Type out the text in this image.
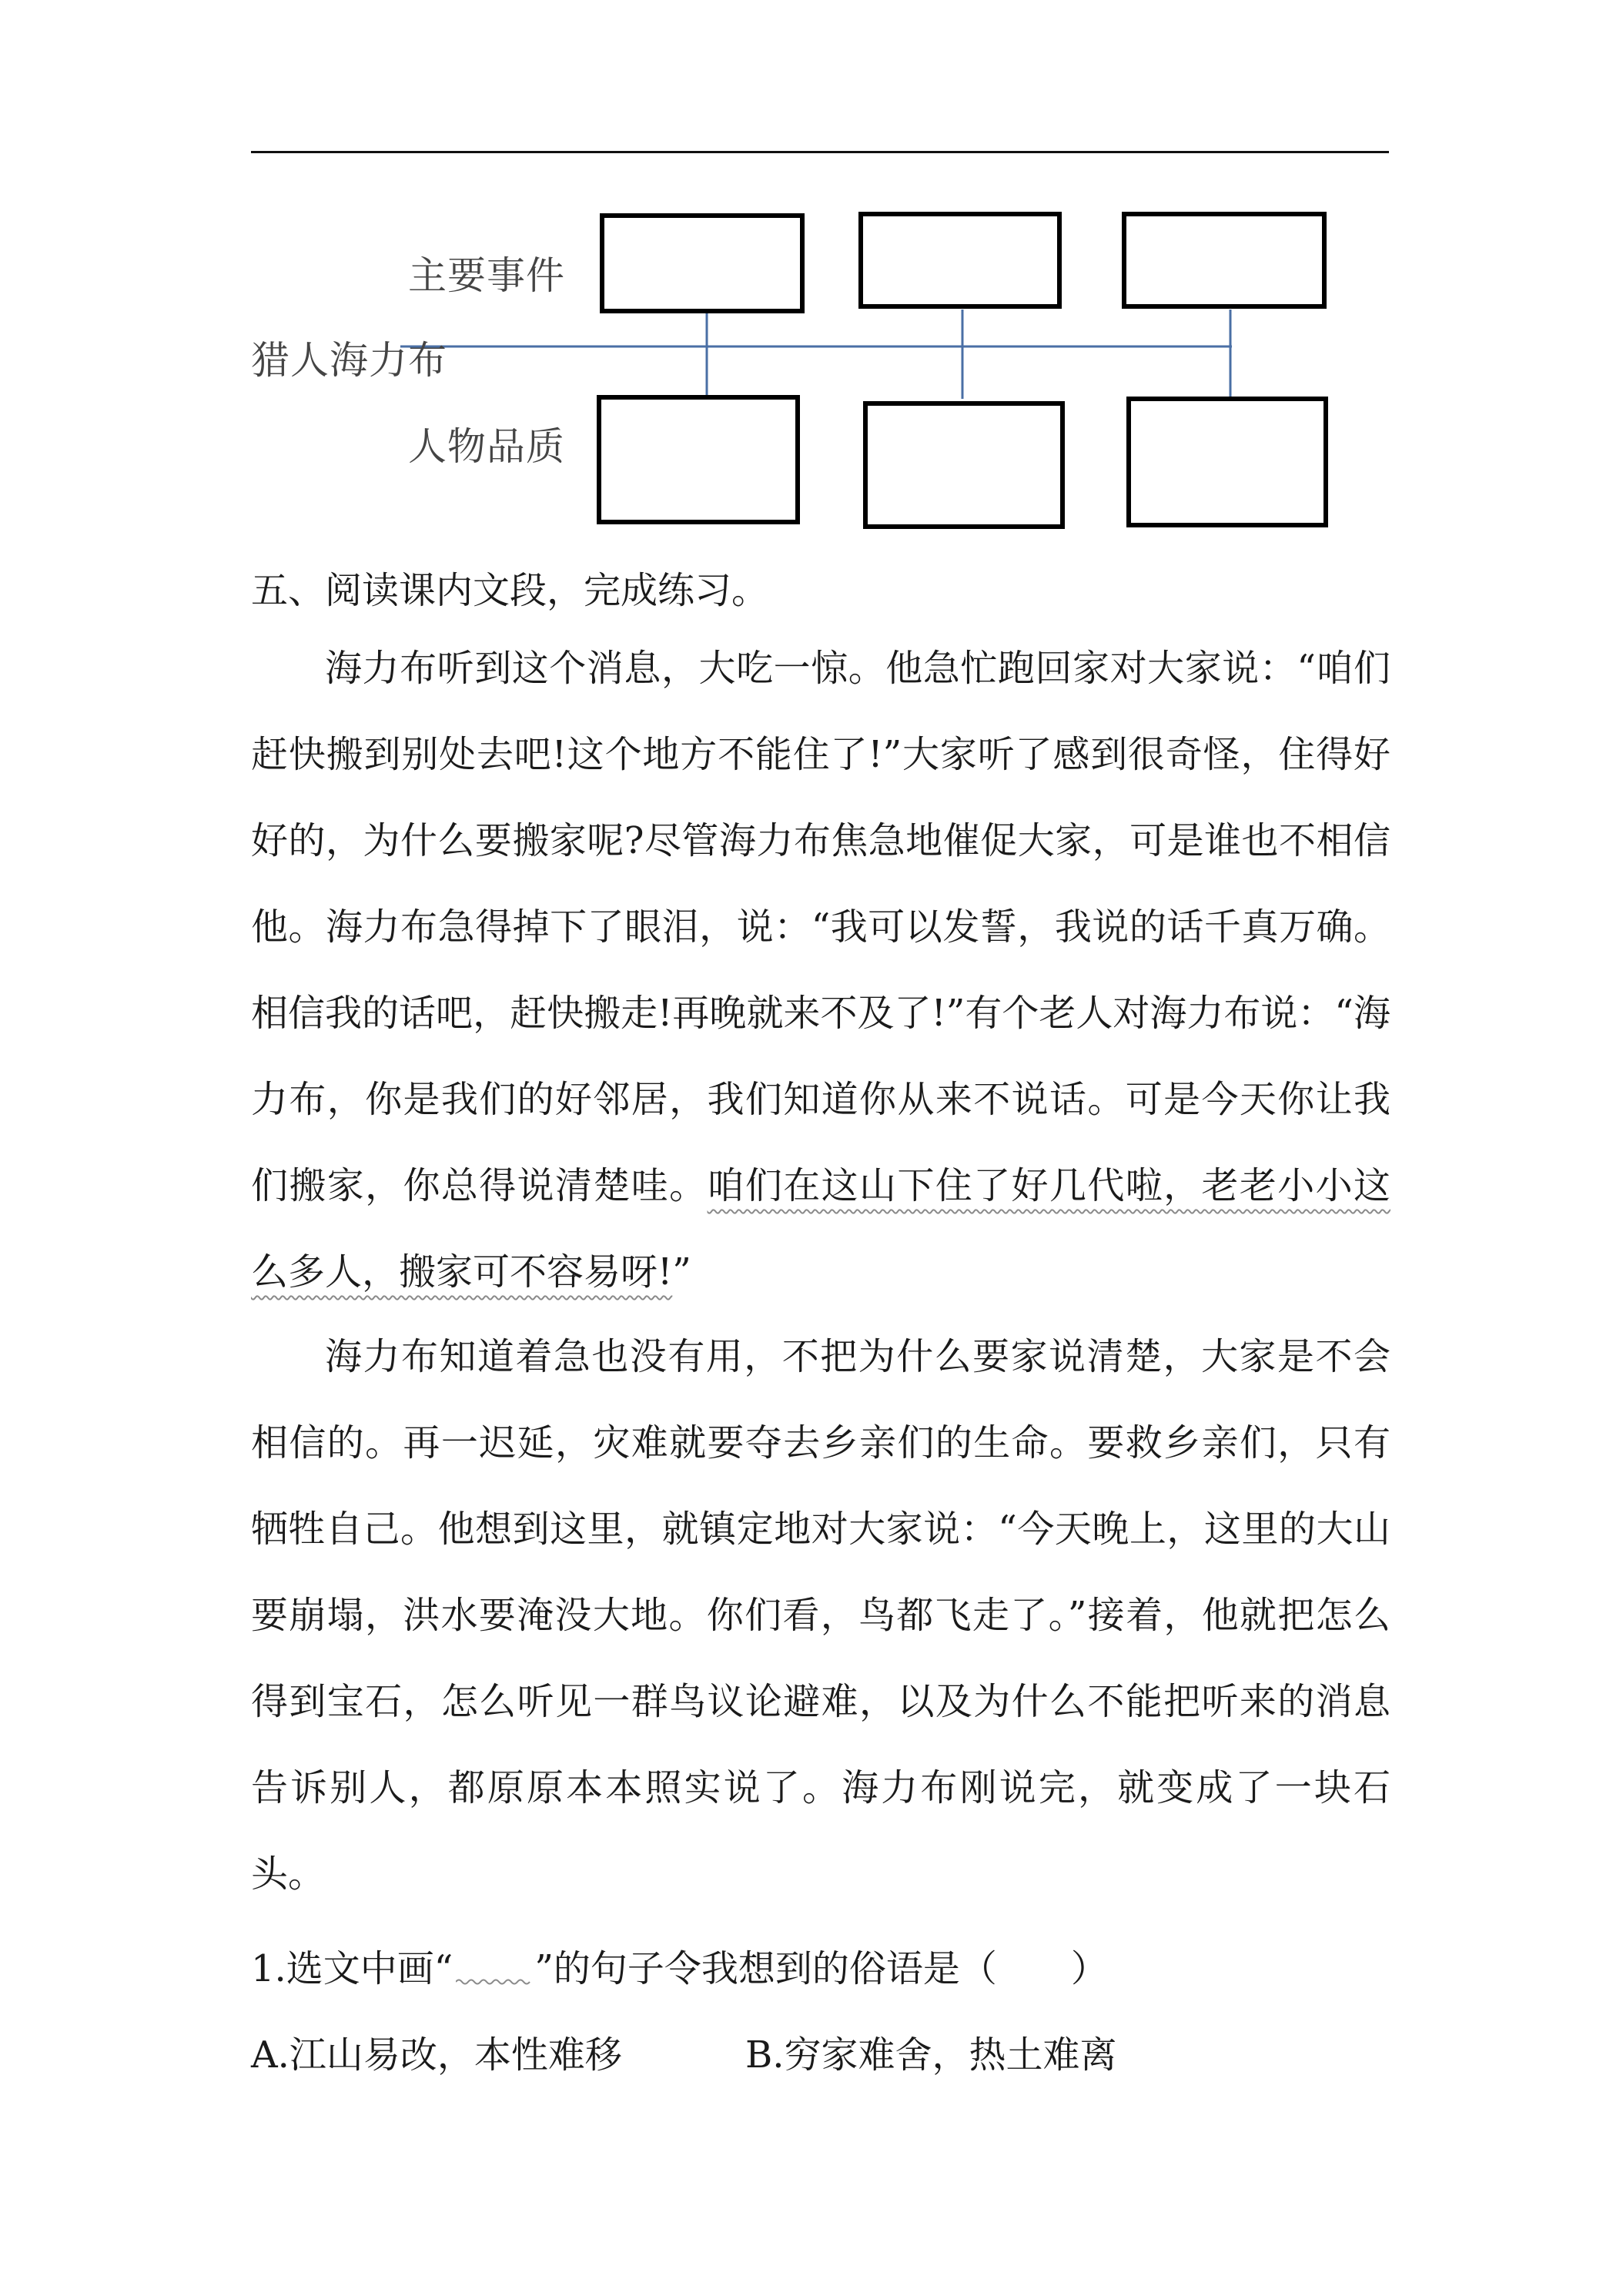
主要事件
猎人海力布
人物品质
五、阅读课内文段，完成练习。

海力布听到这个消息，大吃一惊。他急忙跑回家对大家说：“咱们赶快搬到别处去吧!这个地方不能住了!”大家听了感到很奇怪，住得好好的，为什么要搬家呢?尽管海力布焦急地催促大家，可是谁也不相信他。海力布急得掉下了眼泪，说：“我可以发誓，我说的话千真万确。相信我的话吧，赶快搬走!再晚就来不及了!”有个老人对海力布说：“海力布，你是我们的好邻居，我们知道你从来不说话。可是今天你让我们搬家，你总得说清楚哇。咱们在这山下住了好几代啦，老老小小这么多人，搬家可不容易呀!”

海力布知道着急也没有用，不把为什么要家说清楚，大家是不会相信的。再一迟延，灾难就要夺去乡亲们的生命。要救乡亲们，只有牺牲自己。他想到这里，就镇定地对大家说：“今天晚上，这里的大山要崩塌，洪水要淹没大地。你们看，鸟都飞走了。”接着，他就把怎么得到宝石，怎么听见一群鸟议论避难，以及为什么不能把听来的消息告诉别人，都原原本本照实说了。海力布刚说完，就变成了一块石头。

1.选文中画“ ”的句子令我想到的俗语是（　　）
A.江山易改，本性难移	B.穷家难舍，热土难离
